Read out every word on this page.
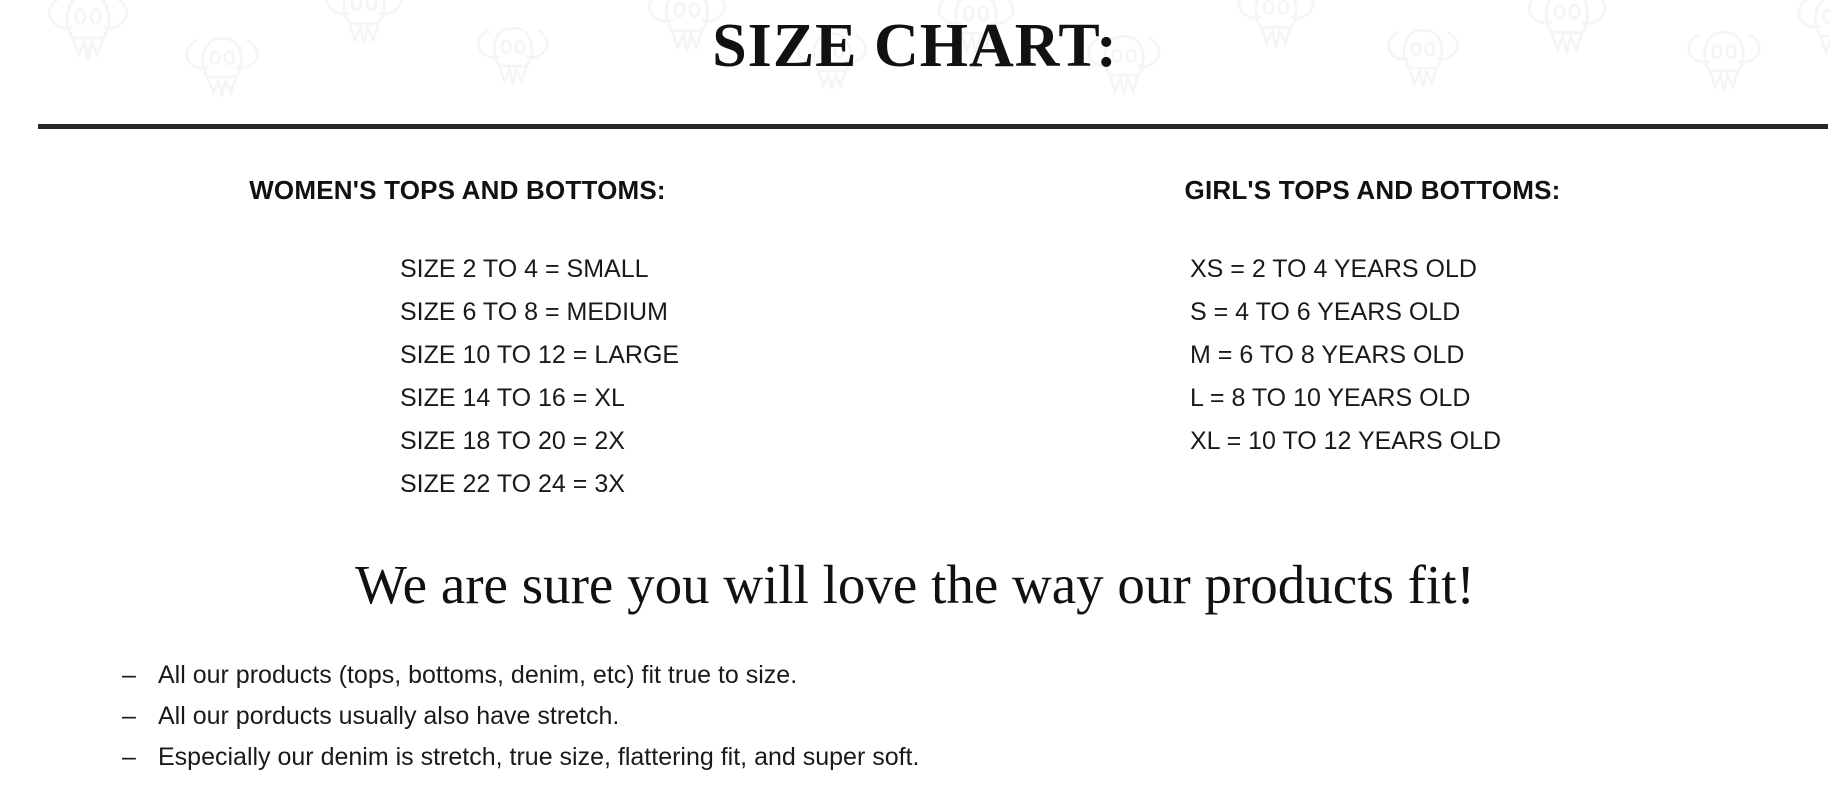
SIZE CHART:
WOMEN'S TOPS AND BOTTOMS:
SIZE 2 TO 4 = SMALL
SIZE 6 TO 8 = MEDIUM
SIZE 10 TO 12 = LARGE
SIZE 14 TO 16 = XL
SIZE 18 TO 20 = 2X
SIZE 22 TO 24 = 3X
GIRL'S TOPS AND BOTTOMS:
XS = 2 TO 4 YEARS OLD
S = 4 TO 6 YEARS OLD
M = 6 TO 8 YEARS OLD
L = 8 TO 10 YEARS OLD
XL = 10 TO 12 YEARS OLD
We are sure you will love the way our products fit!
– All our products (tops, bottoms, denim, etc) fit true to size.
– All our porducts usually also have stretch.
– Especially our denim is stretch, true size, flattering fit, and super soft.
